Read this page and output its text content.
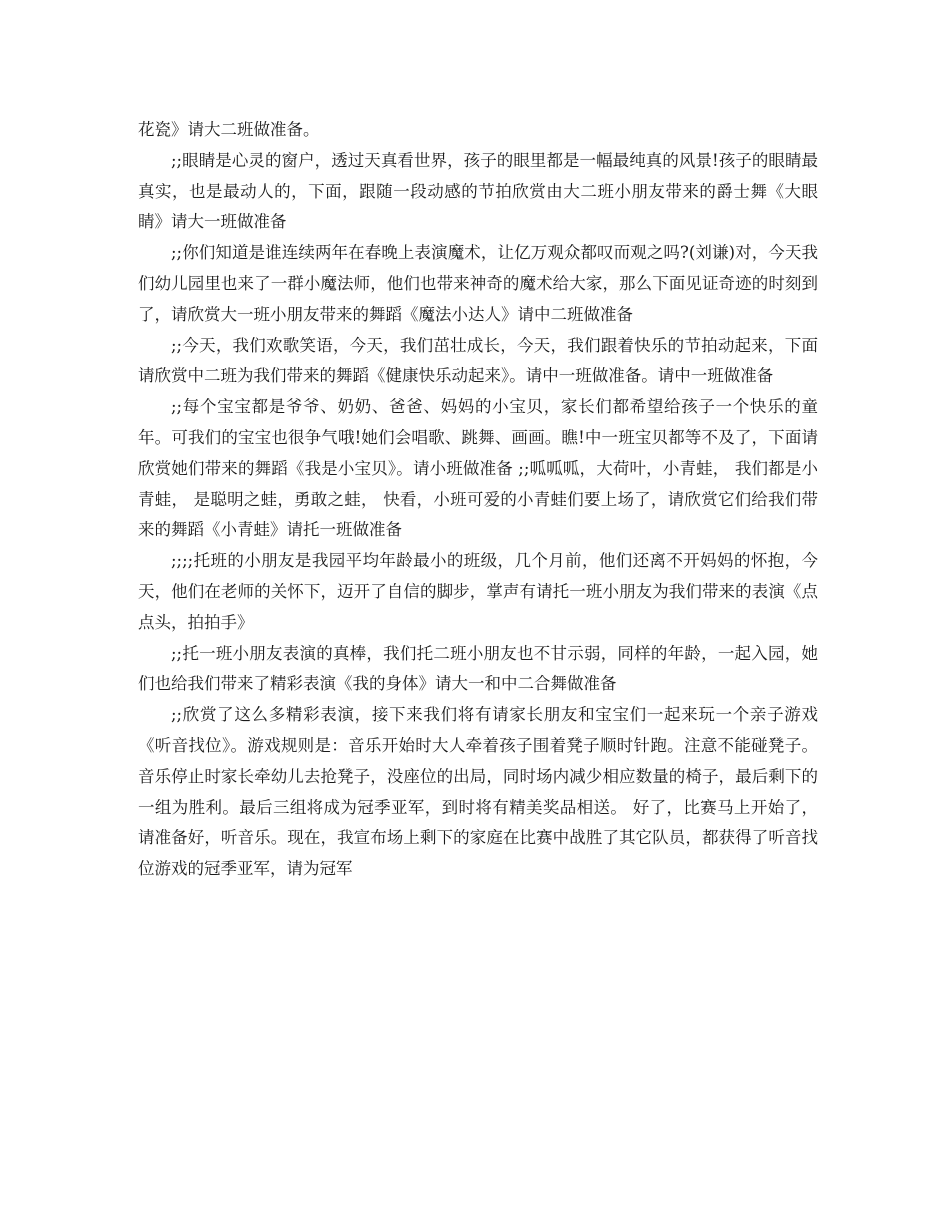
花瓷》请大二班做准备。

;;眼睛是心灵的窗户，透过天真看世界，孩子的眼里都是一幅最纯真的风景!孩子的眼睛最真实，也是最动人的，下面，跟随一段动感的节拍欣赏由大二班小朋友带来的爵士舞《大眼睛》请大一班做准备

;;你们知道是谁连续两年在春晚上表演魔术，让亿万观众都叹而观之吗?(刘谦)对，今天我们幼儿园里也来了一群小魔法师，他们也带来神奇的魔术给大家，那么下面见证奇迹的时刻到了，请欣赏大一班小朋友带来的舞蹈《魔法小达人》请中二班做准备

;;今天，我们欢歌笑语，今天，我们茁壮成长，今天，我们跟着快乐的节拍动起来，下面请欣赏中二班为我们带来的舞蹈《健康快乐动起来》。请中一班做准备。请中一班做准备

;;每个宝宝都是爷爷、奶奶、爸爸、妈妈的小宝贝，家长们都希望给孩子一个快乐的童年。可我们的宝宝也很争气哦!她们会唱歌、跳舞、画画。瞧!中一班宝贝都等不及了，下面请欣赏她们带来的舞蹈《我是小宝贝》。请小班做准备 ;;呱呱呱，大荷叶，小青蛙， 我们都是小青蛙， 是聪明之蛙，勇敢之蛙， 快看，小班可爱的小青蛙们要上场了，请欣赏它们给我们带来的舞蹈《小青蛙》请托一班做准备

;;;;托班的小朋友是我园平均年龄最小的班级，几个月前，他们还离不开妈妈的怀抱，今天，他们在老师的关怀下，迈开了自信的脚步，掌声有请托一班小朋友为我们带来的表演《点点头，拍拍手》

;;托一班小朋友表演的真棒，我们托二班小朋友也不甘示弱，同样的年龄，一起入园，她们也给我们带来了精彩表演《我的身体》请大一和中二合舞做准备

;;欣赏了这么多精彩表演，接下来我们将有请家长朋友和宝宝们一起来玩一个亲子游戏《听音找位》。游戏规则是：音乐开始时大人牵着孩子围着凳子顺时针跑。注意不能碰凳子。音乐停止时家长牵幼儿去抢凳子，没座位的出局，同时场内减少相应数量的椅子，最后剩下的一组为胜利。最后三组将成为冠季亚军，到时将有精美奖品相送。 好了，比赛马上开始了，请准备好，听音乐。现在，我宣布场上剩下的家庭在比赛中战胜了其它队员，都获得了听音找位游戏的冠季亚军，请为冠军
